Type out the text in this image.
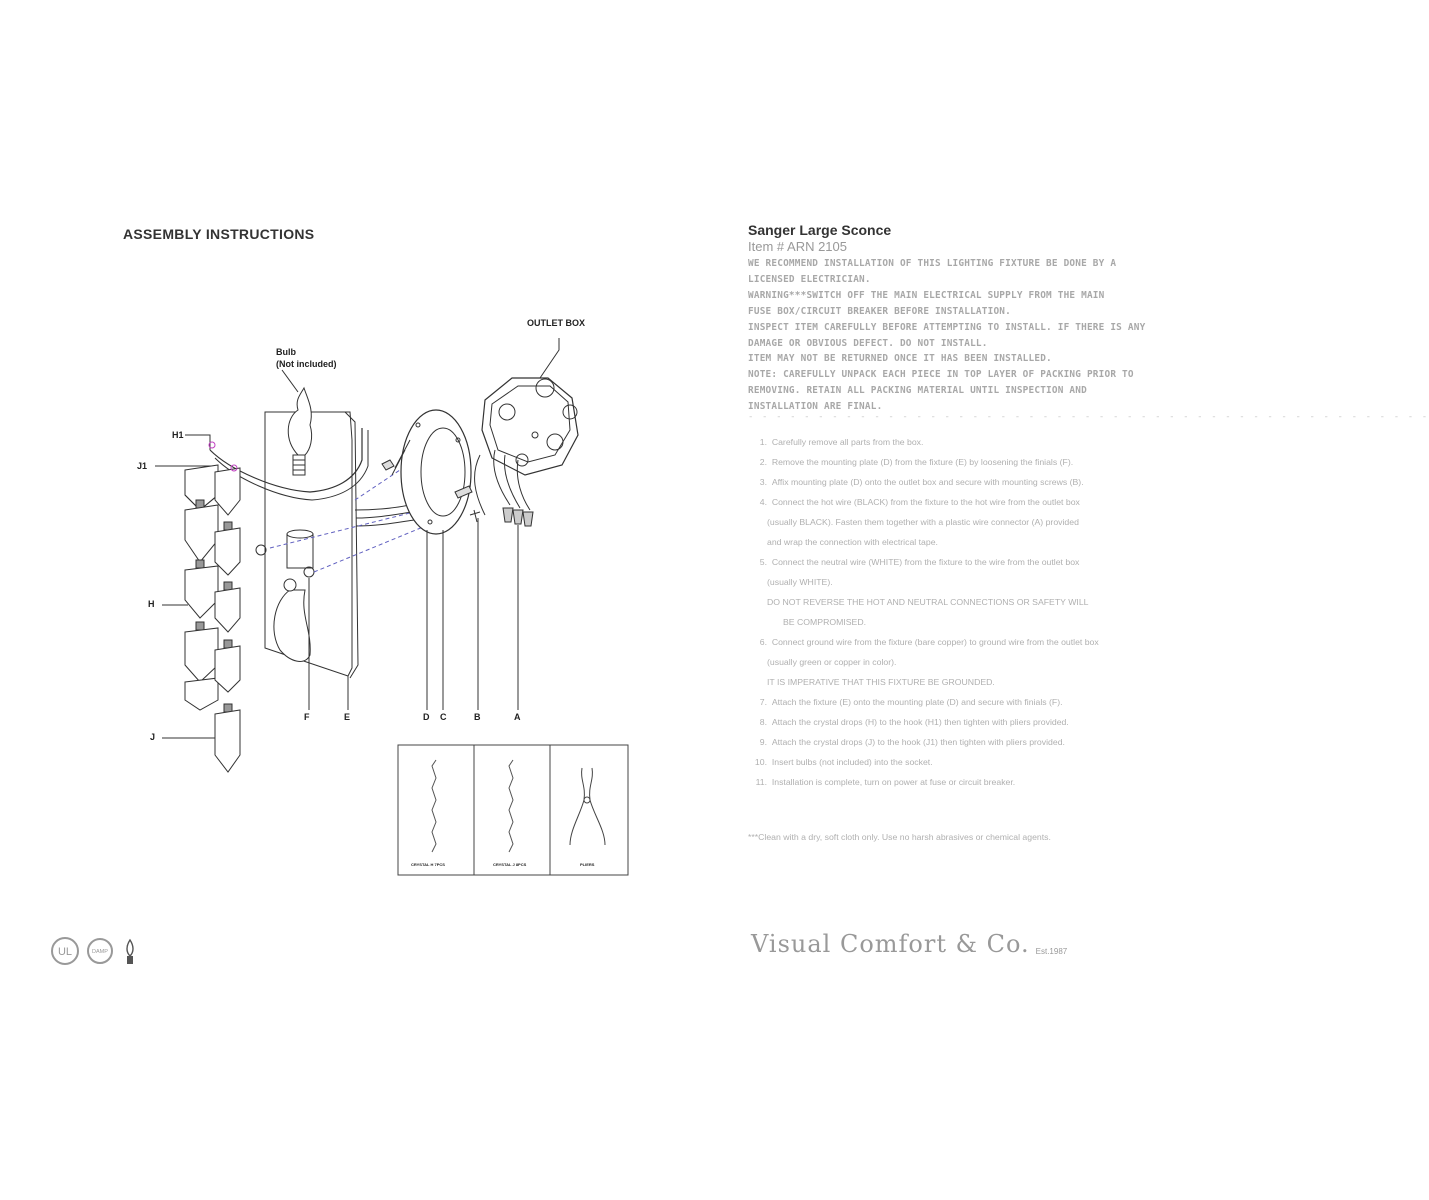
ASSEMBLY INSTRUCTIONS
OUTLET BOX
Bulb
(Not included)
H1
J1
H
J
F	E	D C	B	A
CRYSTAL H 7PCS	CRYSTAL J 8PCS	PLIERS
Sanger Large Sconce
Item # ARN 2105
WE RECOMMEND INSTALLATION OF THIS LIGHTING FIXTURE BE DONE BY A
LICENSED ELECTRICIAN.
WARNING***SWITCH OFF THE MAIN ELECTRICAL SUPPLY FROM THE MAIN
FUSE BOX/CIRCUIT BREAKER BEFORE INSTALLATION.
INSPECT ITEM CAREFULLY BEFORE ATTEMPTING TO INSTALL. IF THERE IS ANY
DAMAGE OR OBVIOUS DEFECT. DO NOT INSTALL.
ITEM MAY NOT BE RETURNED ONCE IT HAS BEEN INSTALLED.
NOTE: CAREFULLY UNPACK EACH PIECE IN TOP LAYER OF PACKING PRIOR TO
REMOVING. RETAIN ALL PACKING MATERIAL UNTIL INSPECTION AND
INSTALLATION ARE FINAL.
- - - - - - - - - - - - - - - - - - - - - - - - - - - - - - - - - - - - - - - - - - - - - - - - -
1.
Carefully remove all parts from the box.
2.
Remove the mounting plate (D) from the fixture (E) by loosening the finials (F).
3.
Affix mounting plate (D) onto the outlet box and secure with mounting screws (B).
4.
Connect the hot wire (BLACK) from the fixture to the hot wire from the outlet box
(usually BLACK). Fasten them together with a plastic wire connector (A) provided
and wrap the connection with electrical tape.
5.
Connect the neutral wire (WHITE) from the fixture to the wire from the outlet box
(usually WHITE).
DO NOT REVERSE THE HOT AND NEUTRAL CONNECTIONS OR SAFETY WILL
BE COMPROMISED.
6.
Connect ground wire from the fixture (bare copper) to ground wire from the outlet box
(usually green or copper in color).
IT IS IMPERATIVE THAT THIS FIXTURE BE GROUNDED.
7.
Attach the fixture (E) onto the mounting plate (D) and secure with finials (F).
8.
Attach the crystal drops (H) to the hook (H1) then tighten with pliers provided.
9.
Attach the crystal drops (J) to the hook (J1) then tighten with pliers provided.
10.
Insert bulbs (not included) into the socket.
11.
Installation is complete, turn on power at fuse or circuit breaker.
***Clean with a dry, soft cloth only. Use no harsh abrasives or chemical agents.
UL	DAMP	Visual Comfort & Co. Est.1987
